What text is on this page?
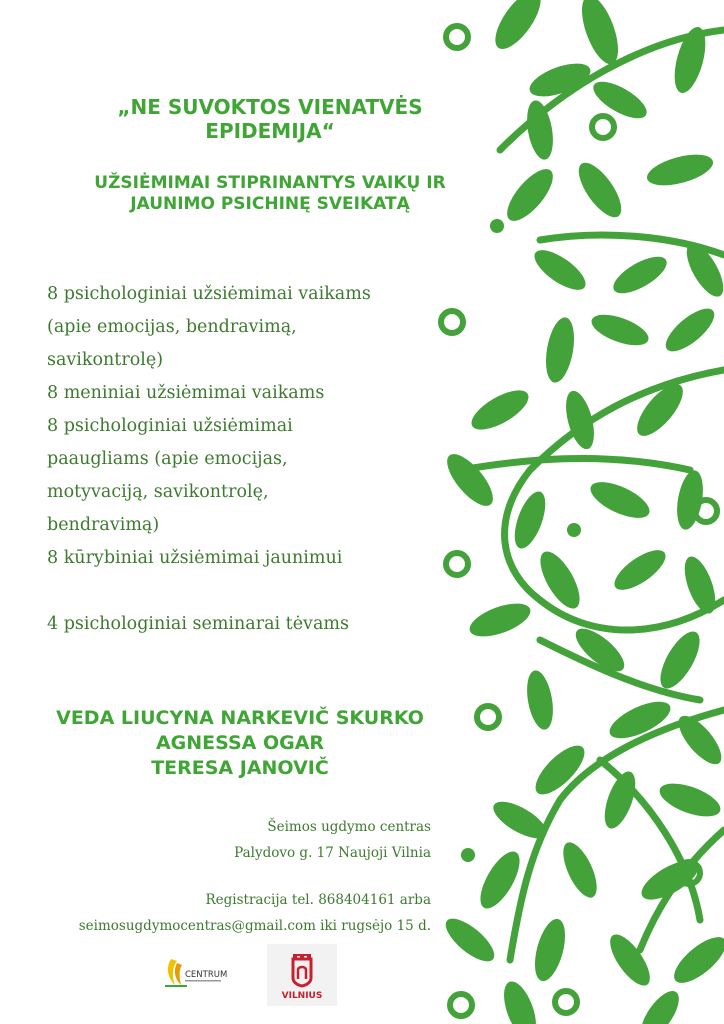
„NE SUVOKTOS VIENATVĖS EPIDEMIJA“
UŽSIĖMIMAI STIPRINANTYS VAIKŲ IR JAUNIMO PSICHINĘ SVEIKATĄ
8 psichologiniai užsiėmimai vaikams
(apie emocijas, bendravimą,
savikontrolę)
8 meniniai užsiėmimai vaikams
8 psichologiniai užsiėmimai
paaugliams (apie emocijas,
motyvaciją, savikontrolę,
bendravimą)
8 kūrybiniai užsiėmimai jaunimui
4 psichologiniai seminarai tėvams
VEDA LIUCYNA NARKEVIČ SKURKO
AGNESSA OGAR
TERESA JANOVIČ
Šeimos ugdymo centras
Palydovo g. 17 Naujoji Vilnia
Registracija tel. 868404161 arba
seimosugdymocentras@gmail.com iki rugsėjo 15 d.
CENTRUM
VILNIUS
